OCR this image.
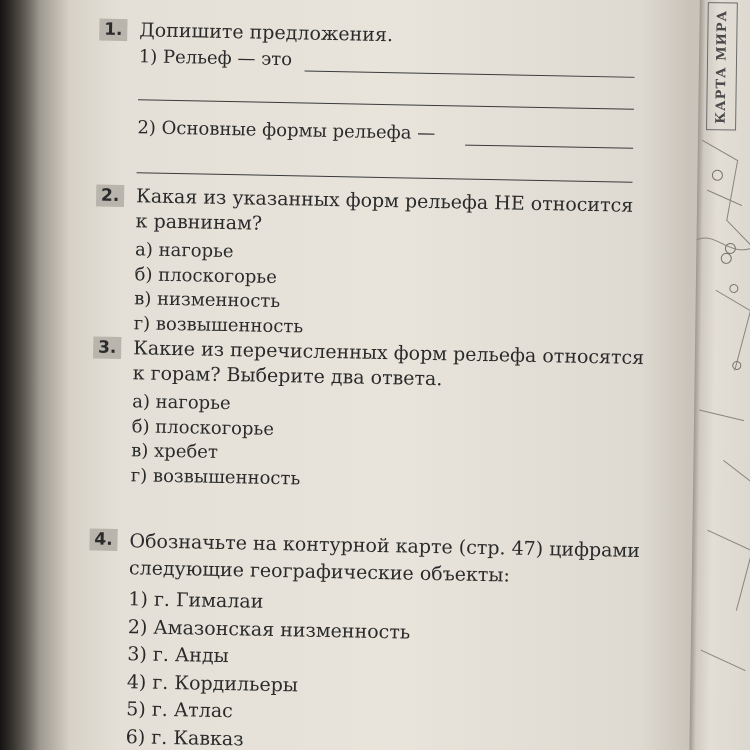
КАРТА МИРА
1. Допишите предложения.
1) Рельеф — это
2) Основные формы рельефа —
2. Какая из указанных форм рельефа НЕ относится
к равнинам?
а) нагорье
б) плоскогорье
в) низменность
г) возвышенность
3. Какие из перечисленных форм рельефа относятся
к горам? Выберите два ответа.
а) нагорье
б) плоскогорье
в) хребет
г) возвышенность
4. Обозначьте на контурной карте (стр. 47) цифрами
следующие географические объекты:
1) г. Гималаи
2) Амазонская низменность
3) г. Анды
4) г. Кордильеры
5) г. Атлас
6) г. Кавказ
